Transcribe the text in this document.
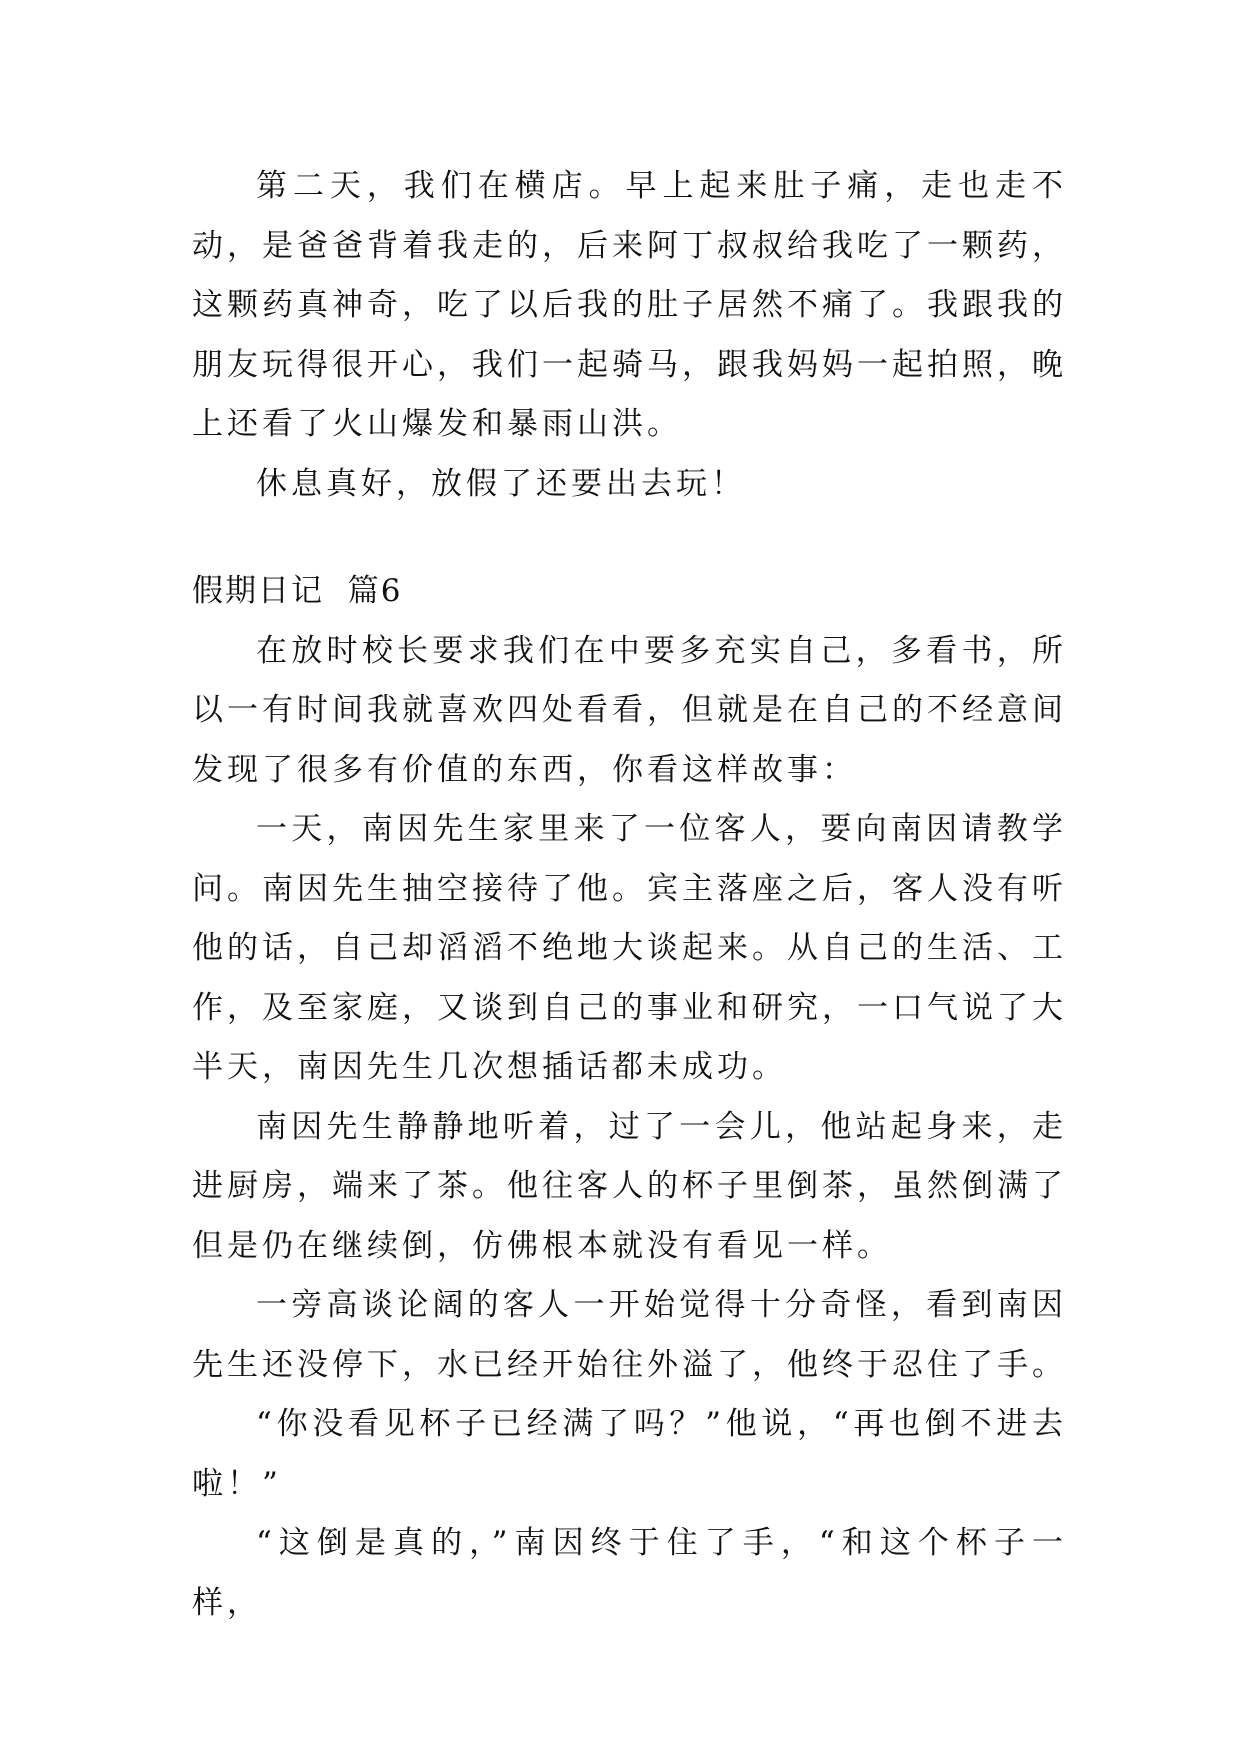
第二天，我们在横店。早上起来肚子痛，走也走不动，是爸爸背着我走的，后来阿丁叔叔给我吃了一颗药，这颗药真神奇，吃了以后我的肚子居然不痛了。我跟我的朋友玩得很开心，我们一起骑马，跟我妈妈一起拍照，晚上还看了火山爆发和暴雨山洪。

休息真好，放假了还要出去玩！

假期日记  篇6

在放时校长要求我们在中要多充实自己，多看书，所以一有时间我就喜欢四处看看，但就是在自己的不经意间发现了很多有价值的东西，你看这样故事：

一天，南因先生家里来了一位客人，要向南因请教学问。南因先生抽空接待了他。宾主落座之后，客人没有听他的话，自己却滔滔不绝地大谈起来。从自己的生活、工作，及至家庭，又谈到自己的事业和研究，一口气说了大半天，南因先生几次想插话都未成功。

南因先生静静地听着，过了一会儿，他站起身来，走进厨房，端来了茶。他往客人的杯子里倒茶，虽然倒满了但是仍在继续倒，仿佛根本就没有看见一样。

一旁高谈论阔的客人一开始觉得十分奇怪，看到南因先生还没停下，水已经开始往外溢了，他终于忍住了手。

“你没看见杯子已经满了吗？”他说，“再也倒不进去啦！”

“这倒是真的，”南因终于住了手，“和这个杯子一样，
